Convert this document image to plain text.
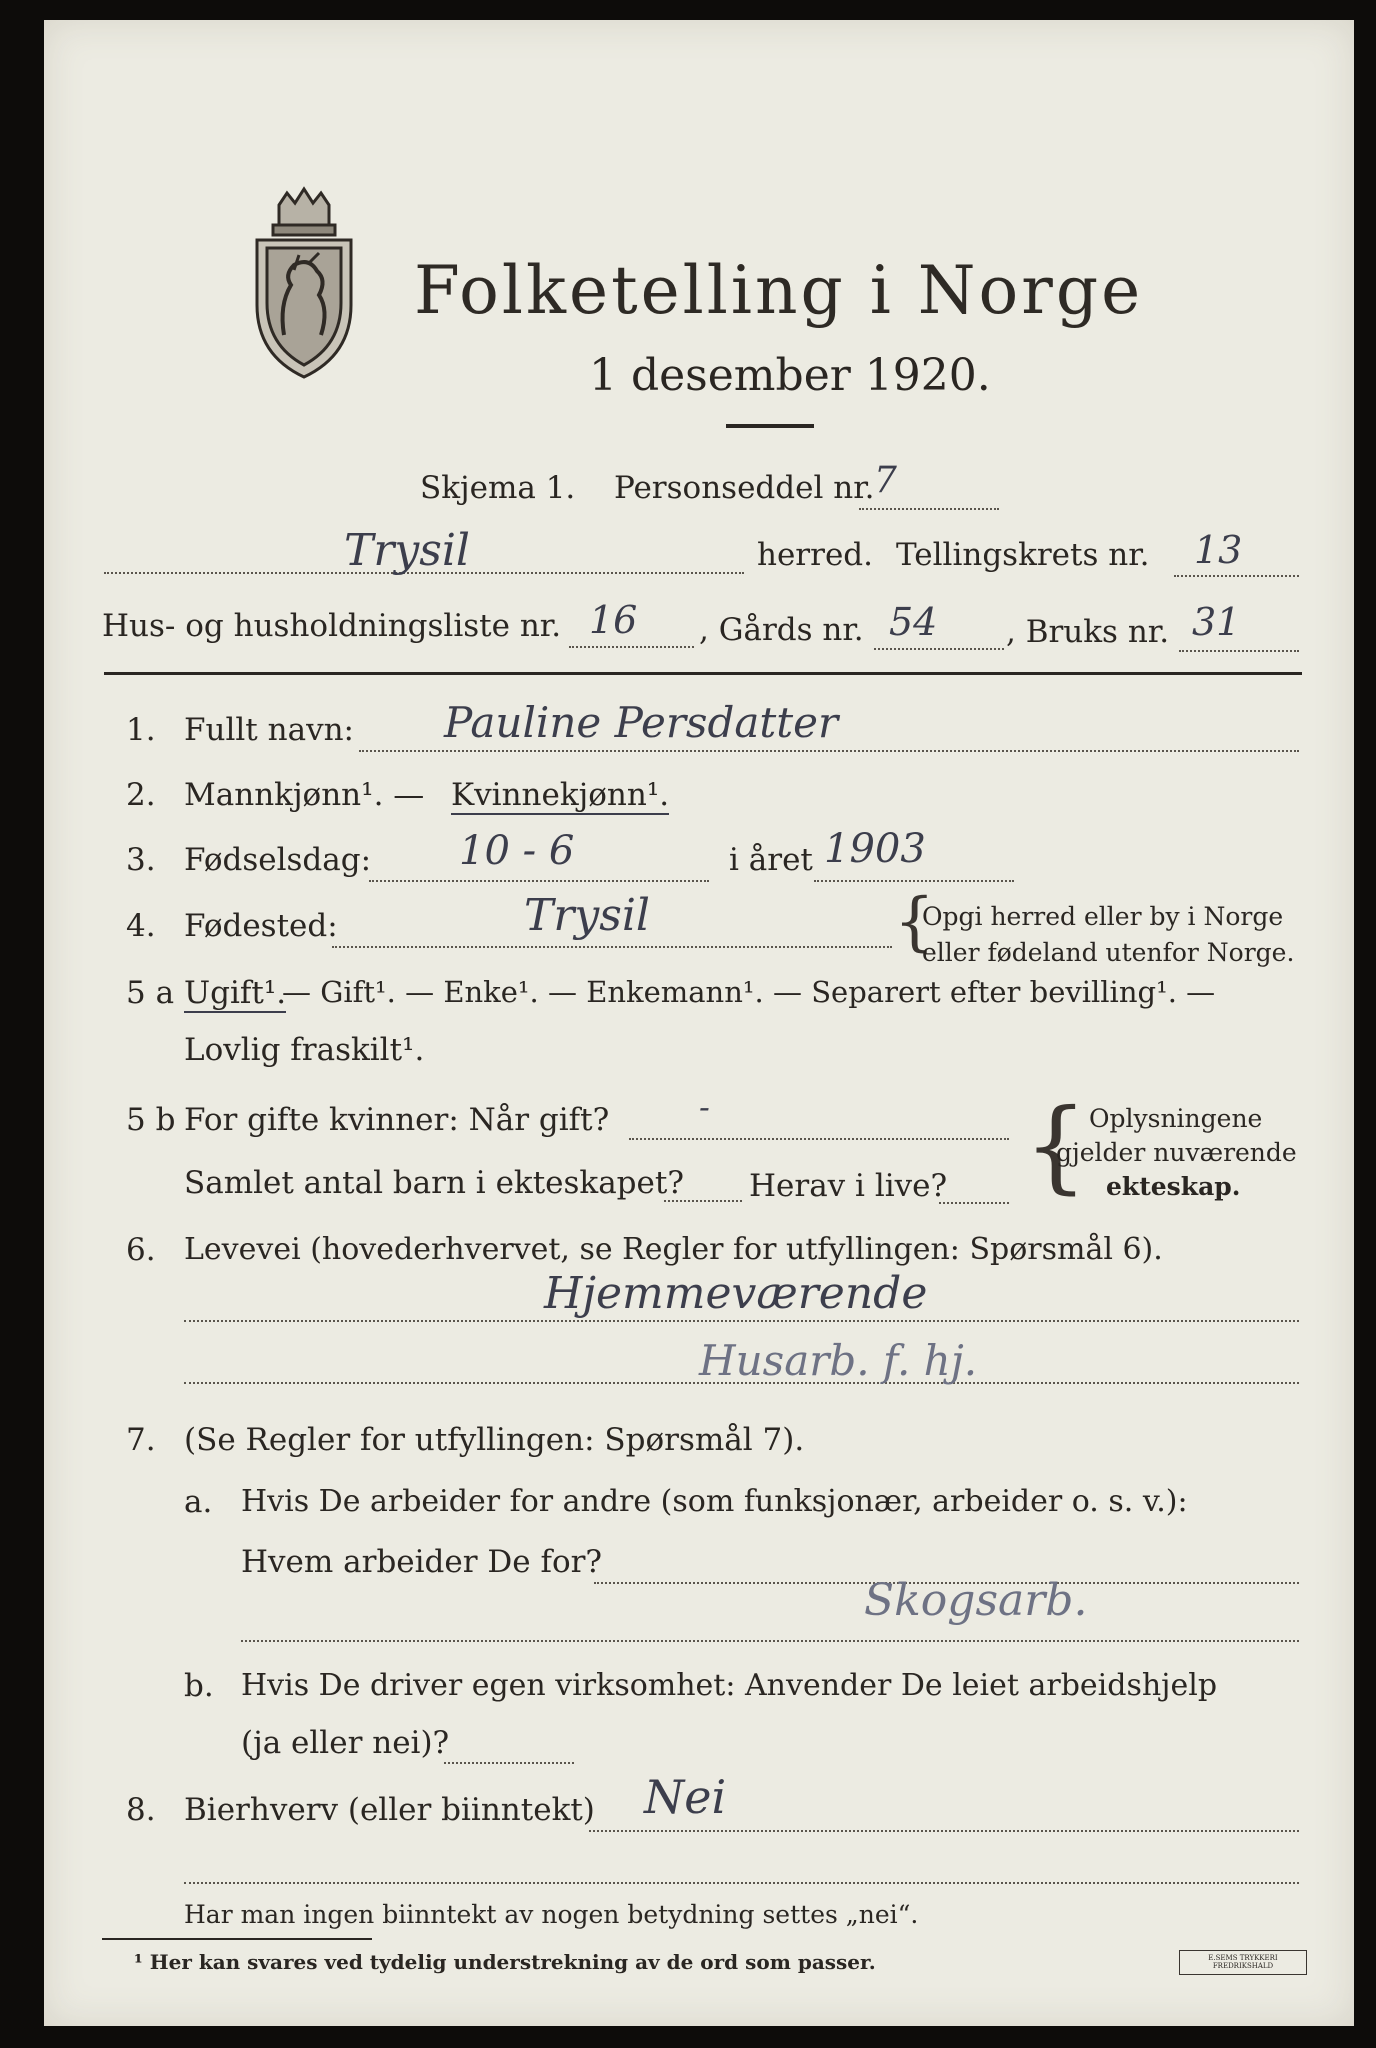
Folketelling i Norge
1 desember 1920.
Skjema 1. Personseddel nr. 7
Trysil	herred. Tellingskrets nr. 13
Hus- og husholdningsliste nr. 16 , Gårds nr. 54 , Bruks nr. 31
1. Fullt navn: Pauline Persdatter
2. Mannkjønn¹. — Kvinnekjønn¹.
3. Fødselsdag: 10 - 6	i året 1903
4. Fødested:	Trysil	{
Opgi herred eller by i Norge
eller fødeland utenfor Norge.
5 a Ugift¹.
— Gift¹. — Enke¹. — Enkemann¹. — Separert efter bevilling¹. —
Lovlig fraskilt¹.
5 b For gifte kvinner: Når gift?	-
Samlet antal barn i ekteskapet? Herav i live? { Oplysningene
gjelder nuværende
ekteskap.
6. Levevei (hovederhvervet, se Regler for utfyllingen: Spørsmål 6).
Hjemmeværende
Husarb. f. hj.
7. (Se Regler for utfyllingen: Spørsmål 7).
a. Hvis De arbeider for andre (som funksjonær, arbeider o. s. v.):
Hvem arbeider De for?
Skogsarb.
b. Hvis De driver egen virksomhet: Anvender De leiet arbeidshjelp
(ja eller nei)?
8. Bierhverv (eller biinntekt) Nei
Har man ingen biinntekt av nogen betydning settes „nei“.
¹ Her kan svares ved tydelig understrekning av de ord som passer.	E.SEMS TRYKKERI FREDRIKSHALD
